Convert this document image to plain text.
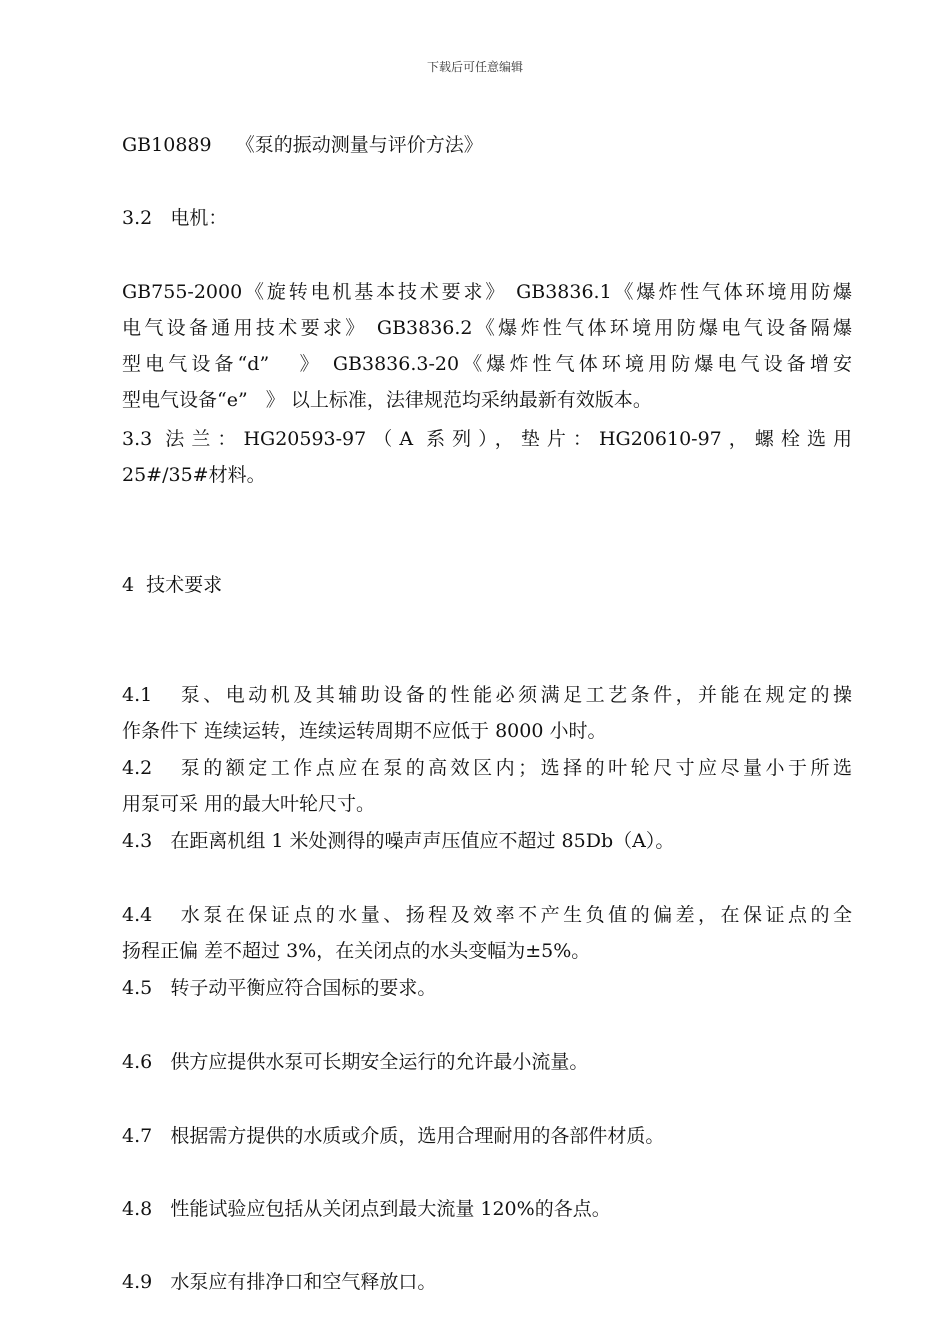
下载后可任意编辑
GB10889    《泵的振动测量与评价方法》
3.2   电机：
GB755-2000《旋转电机基本技术要求》 GB3836.1《爆炸性气体环境用防爆
电气设备通用技术要求》 GB3836.2《爆炸性气体环境用防爆电气设备隔爆
型电气设备“d”   》 GB3836.3-20《爆炸性气体环境用防爆电气设备增安
型电气设备“e”   》 以上标准，法律规范均采纳最新有效版本。
3.3 法兰：HG20593-97（A 系列），垫片：HG20610-97，螺栓选用
25#/35#材料。
4  技术要求
4.1   泵、电动机及其辅助设备的性能必须满足工艺条件，并能在规定的操
作条件下 连续运转，连续运转周期不应低于 8000 小时。
4.2   泵的额定工作点应在泵的高效区内；选择的叶轮尺寸应尽量小于所选
用泵可采 用的最大叶轮尺寸。
4.3   在距离机组 1 米处测得的噪声声压值应不超过 85Db（A）。
4.4   水泵在保证点的水量、扬程及效率不产生负值的偏差，在保证点的全
扬程正偏 差不超过 3%，在关闭点的水头变幅为±5%。
4.5   转子动平衡应符合国标的要求。
4.6   供方应提供水泵可长期安全运行的允许最小流量。
4.7   根据需方提供的水质或介质，选用合理耐用的各部件材质。
4.8   性能试验应包括从关闭点到最大流量 120%的各点。
4.9   水泵应有排净口和空气释放口。
